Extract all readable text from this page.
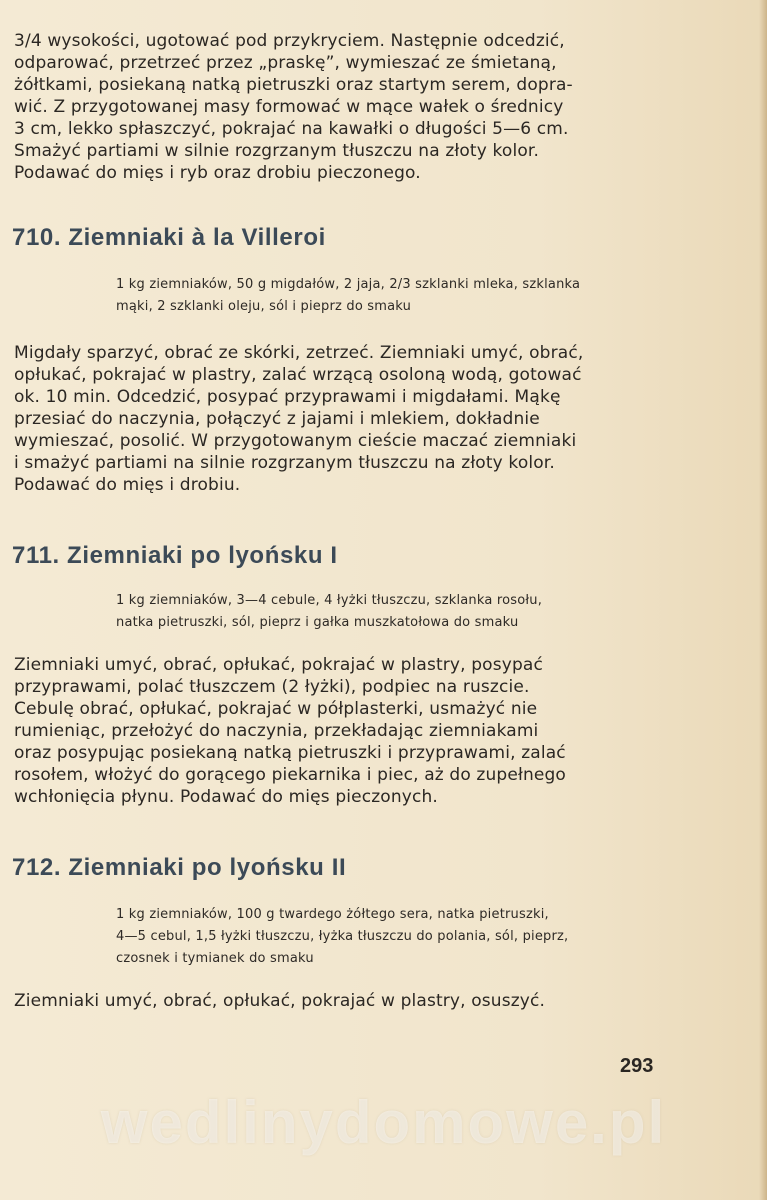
3/4 wysokości, ugotować pod przykryciem. Następnie odcedzić,
odparować, przetrzeć przez „praskę”, wymieszać ze śmietaną,
żółtkami, posiekaną natką pietruszki oraz startym serem, dopra-
wić. Z przygotowanej masy formować w mące wałek o średnicy
3 cm, lekko spłaszczyć, pokrajać na kawałki o długości 5—6 cm.
Smażyć partiami w silnie rozgrzanym tłuszczu na złoty kolor.
Podawać do mięs i ryb oraz drobiu pieczonego.

710. Ziemniaki à la Villeroi

1 kg ziemniaków, 50 g migdałów, 2 jaja, 2/3 szklanki mleka, szklanka
mąki, 2 szklanki oleju, sól i pieprz do smaku

Migdały sparzyć, obrać ze skórki, zetrzeć. Ziemniaki umyć, obrać,
opłukać, pokrajać w plastry, zalać wrzącą osoloną wodą, gotować
ok. 10 min. Odcedzić, posypać przyprawami i migdałami. Mąkę
przesiać do naczynia, połączyć z jajami i mlekiem, dokładnie
wymieszać, posolić. W przygotowanym cieście maczać ziemniaki
i smażyć partiami na silnie rozgrzanym tłuszczu na złoty kolor.
Podawać do mięs i drobiu.

711. Ziemniaki po lyońsku I

1 kg ziemniaków, 3—4 cebule, 4 łyżki tłuszczu, szklanka rosołu,
natka pietruszki, sól, pieprz i gałka muszkatołowa do smaku

Ziemniaki umyć, obrać, opłukać, pokrajać w plastry, posypać
przyprawami, polać tłuszczem (2 łyżki), podpiec na ruszcie.
Cebulę obrać, opłukać, pokrajać w półplasterki, usmażyć nie
rumieniąc, przełożyć do naczynia, przekładając ziemniakami
oraz posypując posiekaną natką pietruszki i przyprawami, zalać
rosołem, włożyć do gorącego piekarnika i piec, aż do zupełnego
wchłonięcia płynu. Podawać do mięs pieczonych.

712. Ziemniaki po lyońsku II

1 kg ziemniaków, 100 g twardego żółtego sera, natka pietruszki,
4—5 cebul, 1,5 łyżki tłuszczu, łyżka tłuszczu do polania, sól, pieprz,
czosnek i tymianek do smaku

Ziemniaki umyć, obrać, opłukać, pokrajać w plastry, osuszyć.

293
wedlinydomowe.pl
